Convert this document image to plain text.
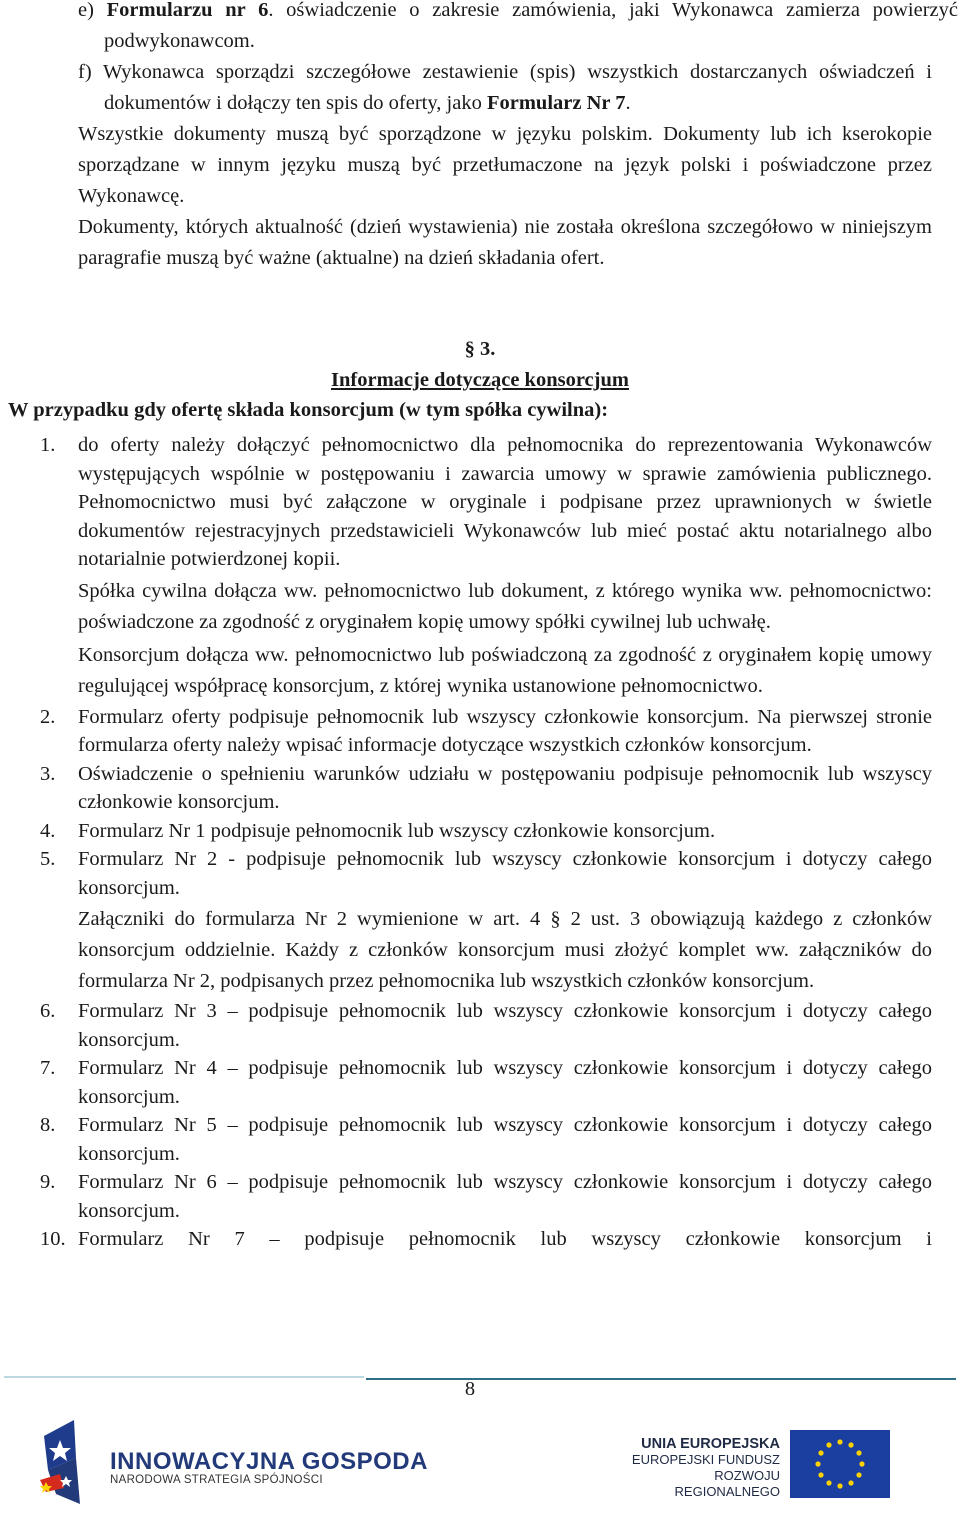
e) Formularzu nr 6. oświadczenie o zakresie zamówienia, jaki Wykonawca zamierza powierzyć podwykonawcom.
f) Wykonawca sporządzi szczegółowe zestawienie (spis) wszystkich dostarczanych oświadczeń i dokumentów i dołączy ten spis do oferty, jako Formularz Nr 7.
Wszystkie dokumenty muszą być sporządzone w języku polskim. Dokumenty lub ich kserokopie sporządzane w innym języku muszą być przetłumaczone na język polski i poświadczone przez Wykonawcę.
Dokumenty, których aktualność (dzień wystawienia) nie została określona szczegółowo w niniejszym paragrafie muszą być ważne (aktualne) na dzień składania ofert.
§ 3.
Informacje dotyczące konsorcjum
W przypadku gdy ofertę składa konsorcjum (w tym spółka cywilna):
1. do oferty należy dołączyć pełnomocnictwo dla pełnomocnika do reprezentowania Wykonawców występujących wspólnie w postępowaniu i zawarcia umowy w sprawie zamówienia publicznego. Pełnomocnictwo musi być załączone w oryginale i podpisane przez uprawnionych w świetle dokumentów rejestracyjnych przedstawicieli Wykonawców lub mieć postać aktu notarialnego albo notarialnie potwierdzonej kopii.

Spółka cywilna dołącza ww. pełnomocnictwo lub dokument, z którego wynika ww. pełnomocnictwo: poświadczone za zgodność z oryginałem kopię umowy spółki cywilnej lub uchwałę.

Konsorcjum dołącza ww. pełnomocnictwo lub poświadczoną za zgodność z oryginałem kopię umowy regulującej współpracę konsorcjum, z której wynika ustanowione pełnomocnictwo.

2. Formularz oferty podpisuje pełnomocnik lub wszyscy członkowie konsorcjum. Na pierwszej stronie formularza oferty należy wpisać informacje dotyczące wszystkich członków konsorcjum.

3. Oświadczenie o spełnieniu warunków udziału w postępowaniu podpisuje pełnomocnik lub wszyscy członkowie konsorcjum.

4. Formularz Nr 1 podpisuje pełnomocnik lub wszyscy członkowie konsorcjum.

5. Formularz Nr 2 - podpisuje pełnomocnik lub wszyscy członkowie konsorcjum i dotyczy całego konsorcjum.

Załączniki do formularza Nr 2 wymienione w art. 4 § 2 ust. 3 obowiązują każdego z członków konsorcjum oddzielnie. Każdy z członków konsorcjum musi złożyć komplet ww. załączników do formularza Nr 2, podpisanych przez pełnomocnika lub wszystkich członków konsorcjum.

6. Formularz Nr 3 – podpisuje pełnomocnik lub wszyscy członkowie konsorcjum i dotyczy całego konsorcjum.

7. Formularz Nr 4 – podpisuje pełnomocnik lub wszyscy członkowie konsorcjum i dotyczy całego konsorcjum.

8. Formularz Nr 5 – podpisuje pełnomocnik lub wszyscy członkowie konsorcjum i dotyczy całego konsorcjum.

9. Formularz Nr 6 – podpisuje pełnomocnik lub wszyscy członkowie konsorcjum i dotyczy całego konsorcjum.

10. Formularz Nr 7 – podpisuje pełnomocnik lub wszyscy członkowie konsorcjum i

8
INNOWACYJNA GOSPODA
NARODOWA STRATEGIA SPÓJNOŚCI
UNIA EUROPEJSKA
EUROPEJSKI FUNDUSZ
ROZWOJU REGIONALNEGO
